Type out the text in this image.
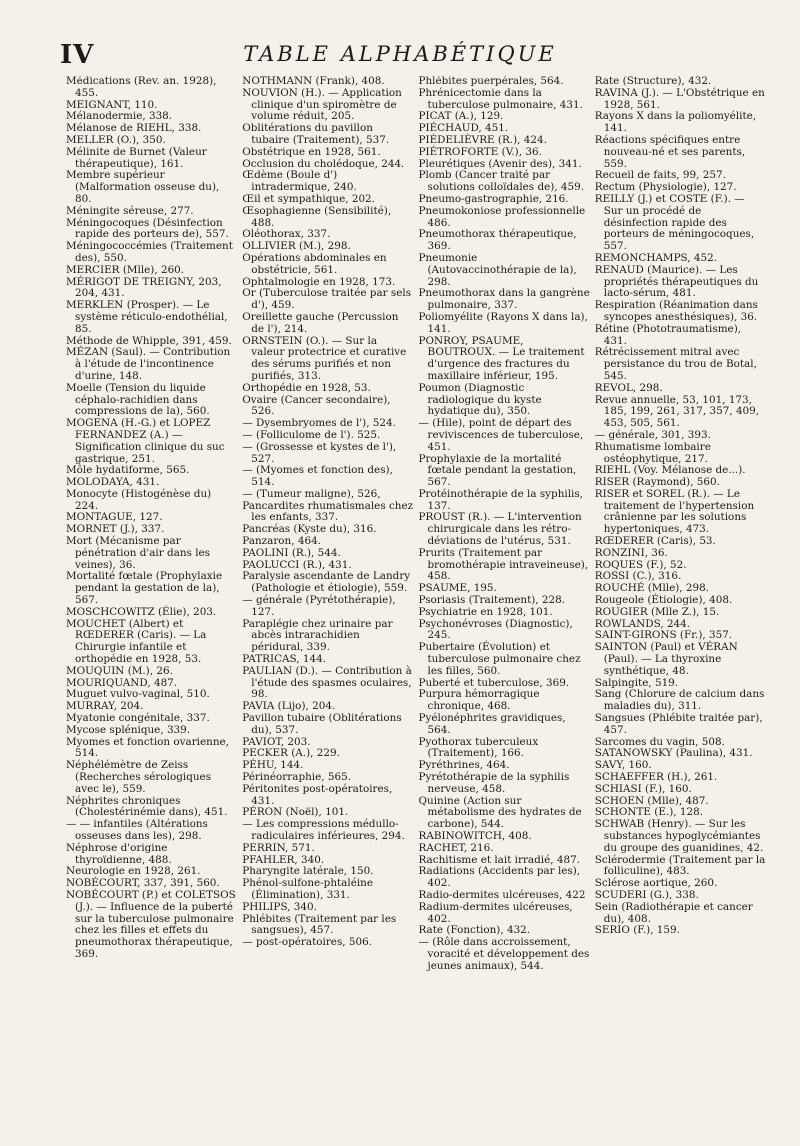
IV	TABLE ALPHABÉTIQUE

Médications (Rev. an. 1928), 455.

MEIGNANT, 110.

Mélanodermie, 338.

Mélanose de RIEHL, 338.

MELLER (O.), 350.

Mélinite de Burnet (Valeur thérapeutique), 161.

Membre supérieur (Malformation osseuse du), 80.

Méningite séreuse, 277.

Méningocoques (Désinfection rapide des porteurs de), 557.

Méningococcémies (Traitement des), 550.

MERCIER (Mlle), 260.

MÉRIGOT DE TREIGNY, 203, 204, 431.

MERKLEN (Prosper). — Le système réticulo-endothélial, 85.

Méthode de Whipple, 391, 459.

MÉZAN (Saul). — Contribution à l'étude de l'incontinence d'urine, 148.

Moelle (Tension du liquide céphalo-rachidien dans compressions de la), 560.

MOGENA (H.-G.) et LOPEZ FERNANDEZ (A.) — Signification clinique du suc gastrique, 251.

Môle hydatiforme, 565.

MOLODAYA, 431.

Monocyte (Histogénèse du) 224.

MONTAGUE, 127.

MORNET (J.), 337.

Mort (Mécanisme par pénétration d'air dans les veines), 36.

Mortalité fœtale (Prophylaxie pendant la gestation de la), 567.

MOSCHCOWITZ (Élie), 203.

MOUCHET (Albert) et RŒDERER (Caris). — La Chirurgie infantile et orthopédie en 1928, 53.

MOUQUIN (M.), 26.

MOURIQUAND, 487.

Muguet vulvo-vaginal, 510.

MURRAY, 204.

Myatonie congénitale, 337.

Mycose splénique, 339.

Myomes et fonction ovarienne, 514.

Néphélémètre de Zeiss (Recherches sérologiques avec le), 559.

Néphrites chroniques (Cholestérinémie dans), 451.

— — infantiles (Altérations osseuses dans les), 298.

Néphrose d'origine thyroïdienne, 488.

Neurologie en 1928, 261.

NOBÉCOURT, 337, 391, 560.

NOBÉCOURT (P.) et COLETSOS (J.). — Influence de la puberté sur la tuberculose pulmonaire chez les filles et effets du pneumothorax thérapeutique, 369.

NOTHMANN (Frank), 408.

NOUVION (H.). — Application clinique d'un spiromètre de volume réduit, 205.

Oblitérations du pavillon tubaire (Traitement), 537.

Obstétrique en 1928, 561.

Occlusion du cholédoque, 244.

Œdème (Boule d') intradermique, 240.

Œil et sympathique, 202.

Œsophagienne (Sensibilité), 488.

Oléothorax, 337.

OLLIVIER (M.), 298.

Opérations abdominales en obstétricie, 561.

Ophtalmologie en 1928, 173.

Or (Tuberculose traitée par sels d'), 459.

Oreillette gauche (Percussion de l'), 214.

ORNSTEIN (O.). — Sur la valeur protectrice et curative des sérums purifiés et non purifiés, 313.

Orthopédie en 1928, 53.

Ovaire (Cancer secondaire), 526.

— Dysembryomes de l'), 524.

— (Folliculome de l'). 525.

— (Grossesse et kystes de l'), 527.

— (Myomes et fonction des), 514.

— (Tumeur maligne), 526,

Pancardites rhumatismales chez les enfants, 337.

Pancréas (Kyste du), 316.

Panzaron, 464.

PAOLINI (R.), 544.

PAOLUCCI (R.), 431.

Paralysie ascendante de Landry (Pathologie et étiologie), 559.

— générale (Pyrétothérapie), 127.

Paraplégie chez urinaire par abcès intrarachidien péridural, 339.

PATRICAS, 144.

PAULIAN (D.). — Contribution à l'étude des spasmes oculaires, 98.

PAVIA (Lijo), 204.

Pavillon tubaire (Oblitérations du), 537.

PAVIOT, 203.

PECKER (A.), 229.

PÉHU, 144.

Périnéorraphie, 565.

Péritonites post-opératoires, 431.

PÉRON (Noël), 101.

— Les compressions médullo-radiculaires inférieures, 294.

PERRIN, 571.

PFAHLER, 340.

Pharyngite latérale, 150.

Phénol-sulfone-phtaléine (Élimination), 331.

PHILIPS, 340.

Phlébites (Traitement par les sangsues), 457.

— post-opératoires, 506.

Phlébites puerpérales, 564.

Phrénicectomie dans la tuberculose pulmonaire, 431.

PICAT (A.), 129.

PIÉCHAUD, 451.

PIÉDELIÈVRE (R.), 424.

PIÉTROFORTE (V.), 36.

Pleurétiques (Avenir des), 341.

Plomb (Cancer traité par solutions colloïdales de), 459.

Pneumo-gastrographie, 216.

Pneumokoniose professionnelle 486.

Pneumothorax thérapeutique, 369.

Pneumonie (Autovaccinothérapie de la), 298.

Pneumothorax dans la gangrène pulmonaire, 337.

Poliomyélite (Rayons X dans la), 141.

PONROY, PSAUME, BOUTROUX. — Le traitement d'urgence des fractures du maxillaire inférieur, 195.

Poumon (Diagnostic radiologique du kyste hydatique du), 350.

— (Hile), point de départ des reviviscences de tuberculose, 451.

Prophylaxie de la mortalité fœtale pendant la gestation, 567.

Protéinothérapie de la syphilis, 137.

PROUST (R.). — L'intervention chirurgicale dans les rétro-déviations de l'utérus, 531.

Prurits (Traitement par bromothérapie intraveineuse), 458.

PSAUME, 195.

Psoriasis (Traitement), 228.

Psychiatrie en 1928, 101.

Psychonévroses (Diagnostic), 245.

Pubertaire (Évolution) et tuberculose pulmonaire chez les filles, 560.

Puberté et tuberculose, 369.

Purpura hémorragique chronique, 468.

Pyélonéphrites gravidiques, 564.

Pyothorax tuberculeux (Traitement), 166.

Pyréthrines, 464.

Pyrétothérapie de la syphilis nerveuse, 458.

Quinine (Action sur métabolisme des hydrates de carbone), 544.

RABINOWITCH, 408.

RACHET, 216.

Rachitisme et lait irradié, 487.

Radiations (Accidents par les), 402.

Radio-dermites ulcéreuses, 422

Radium-dermites ulcéreuses, 402.

Rate (Fonction), 432.

— (Rôle dans accroissement, voracité et développement des jeunes animaux), 544.

Rate (Structure), 432.

RAVINA (J.). — L'Obstétrique en 1928, 561.

Rayons X dans la poliomyélite, 141.

Réactions spécifiques entre nouveau-né et ses parents, 559.

Recueil de faits, 99, 257.

Rectum (Physiologie), 127.

REILLY (J.) et COSTE (F.). — Sur un procédé de désinfection rapide des porteurs de méningocoques, 557.

REMONCHAMPS, 452.

RENAUD (Maurice). — Les propriétés thérapeutiques du lacto-sérum, 481.

Respiration (Réanimation dans syncopes anesthésiques), 36.

Rétine (Phototraumatisme), 431.

Rétrécissement mitral avec persistance du trou de Botal, 545.

REVOL, 298.

Revue annuelle, 53, 101, 173, 185, 199, 261, 317, 357, 409, 453, 505, 561.

— générale, 301, 393.

Rhumatisme lombaire ostéophytique, 217.

RIEHL (Voy. Mélanose de...).

RISER (Raymond), 560.

RISER et SOREL (R.). — Le traitement de l'hypertension crânienne par les solutions hypertoniques, 473.

RŒDERER (Caris), 53.

RONZINI, 36.

ROQUES (F.), 52.

ROSSI (C.), 316.

ROUCHÉ (Mlle), 298.

Rougeole (Étiologie), 408.

ROUGIER (Mlle Z.), 15.

ROWLANDS, 244.

SAINT-GIRONS (Fr.), 357.

SAINTON (Paul) et VÉRAN (Paul). — La thyroxine synthétique, 48.

Salpingite, 519.

Sang (Chlorure de calcium dans maladies du), 311.

Sangsues (Phlébite traitée par), 457.

Sarcomes du vagin, 508.

SATANOWSKY (Paulina), 431.

SAVY, 160.

SCHAEFFER (H.), 261.

SCHIASI (F.), 160.

SCHOEN (Mlle), 487.

SCHONTE (E.), 128.

SCHWAB (Henry). — Sur les substances hypoglycémiantes du groupe des guanidines, 42.

Sclérodermie (Traitement par la folliculine), 483.

Sclérose aortique, 260.

SCUDERI (G.), 338.

Sein (Radiothérapie et cancer du), 408.

SERIO (F.), 159.
